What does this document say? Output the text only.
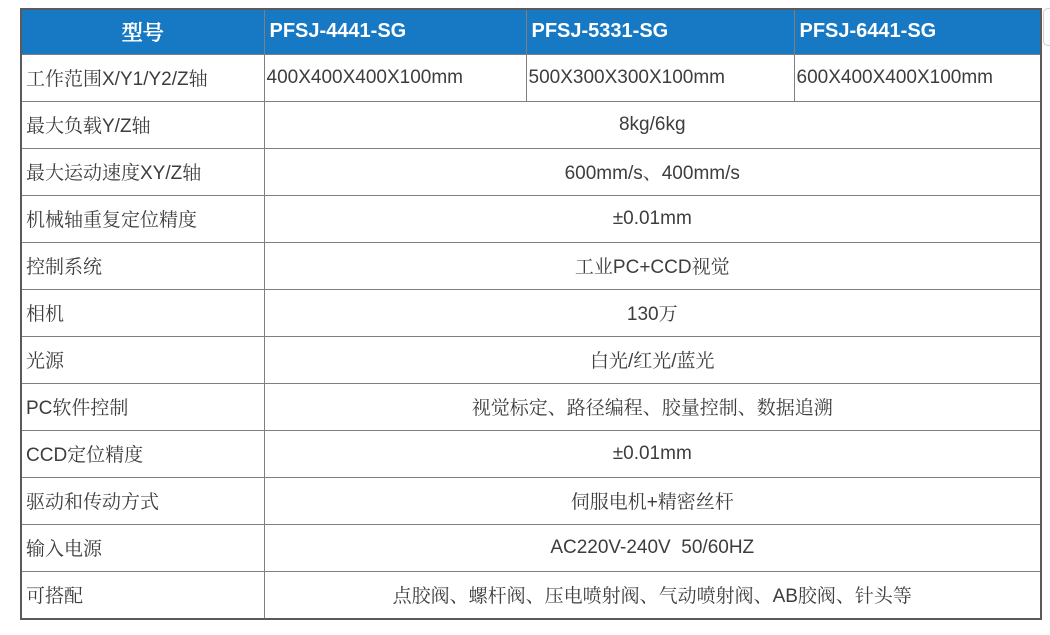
型号	PFSJ-4441-SG	PFSJ-5331-SG	PFSJ-6441-SG
工作范围X/Y1/Y2/Z轴	400X400X400X100mm	500X300X300X100mm	600X400X400X100mm
最大负载Y/Z轴	8kg/6kg		
最大运动速度XY/Z轴	600mm/s、400mm/s		
机械轴重复定位精度	±0.01mm		
控制系统	工业PC+CCD视觉		
相机	130万		
光源	白光/红光/蓝光		
PC软件控制	视觉标定、路径编程、胶量控制、数据追溯		
CCD定位精度	±0.01mm		
驱动和传动方式	伺服电机+精密丝杆		
输入电源	AC220V-240V  50/60HZ		
可搭配	点胶阀、螺杆阀、压电喷射阀、气动喷射阀、AB胶阀、针头等		
